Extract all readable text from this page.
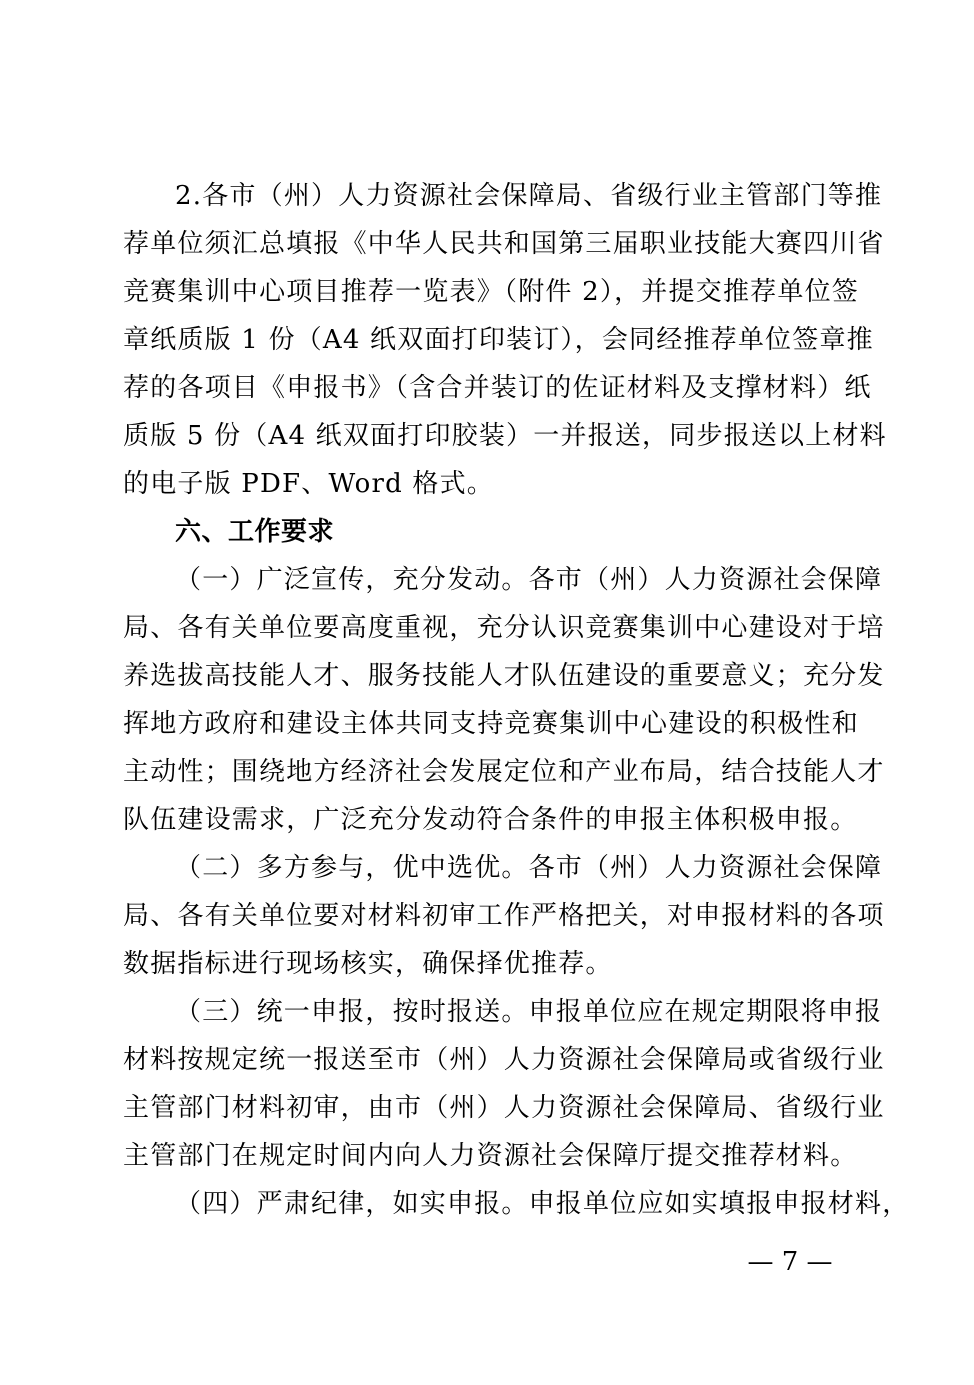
2.各市（州）人力资源社会保障局、省级行业主管部门等推
荐单位须汇总填报《中华人民共和国第三届职业技能大赛四川省
竞赛集训中心项目推荐一览表》（附件 2），并提交推荐单位签
章纸质版 1 份（A4 纸双面打印装订），会同经推荐单位签章推
荐的各项目《申报书》（含合并装订的佐证材料及支撑材料）纸
质版 5 份（A4 纸双面打印胶装）一并报送，同步报送以上材料
的电子版 PDF、Word 格式。
六、工作要求
（一）广泛宣传，充分发动。各市（州）人力资源社会保障
局、各有关单位要高度重视，充分认识竞赛集训中心建设对于培
养选拔高技能人才、服务技能人才队伍建设的重要意义；充分发
挥地方政府和建设主体共同支持竞赛集训中心建设的积极性和
主动性；围绕地方经济社会发展定位和产业布局，结合技能人才
队伍建设需求，广泛充分发动符合条件的申报主体积极申报。
（二）多方参与，优中选优。各市（州）人力资源社会保障
局、各有关单位要对材料初审工作严格把关，对申报材料的各项
数据指标进行现场核实，确保择优推荐。
（三）统一申报，按时报送。申报单位应在规定期限将申报
材料按规定统一报送至市（州）人力资源社会保障局或省级行业
主管部门材料初审，由市（州）人力资源社会保障局、省级行业
主管部门在规定时间内向人力资源社会保障厅提交推荐材料。
（四）严肃纪律，如实申报。申报单位应如实填报申报材料，
— 7 —
